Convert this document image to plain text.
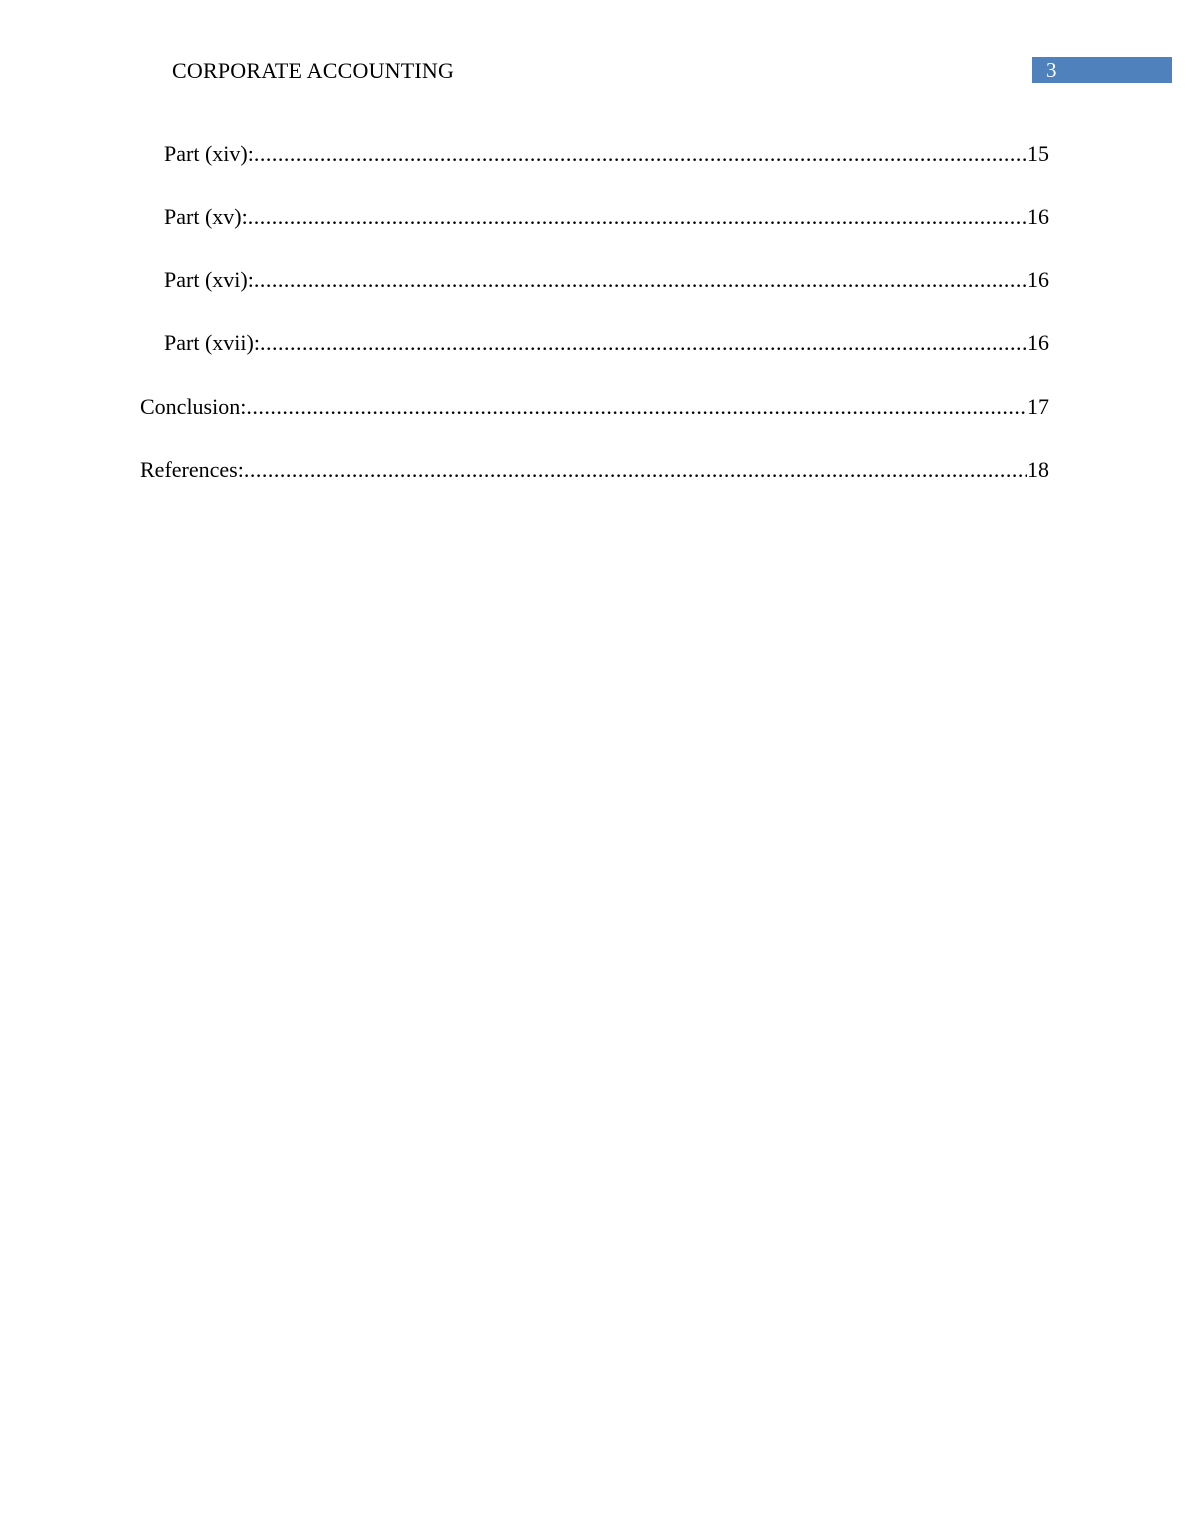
CORPORATE ACCOUNTING	3
Part (xiv): .....	15
Part (xv): .....	16
Part (xvi): .....	16
Part (xvii): .....	16
Conclusion: .....	17
References: .....	18
